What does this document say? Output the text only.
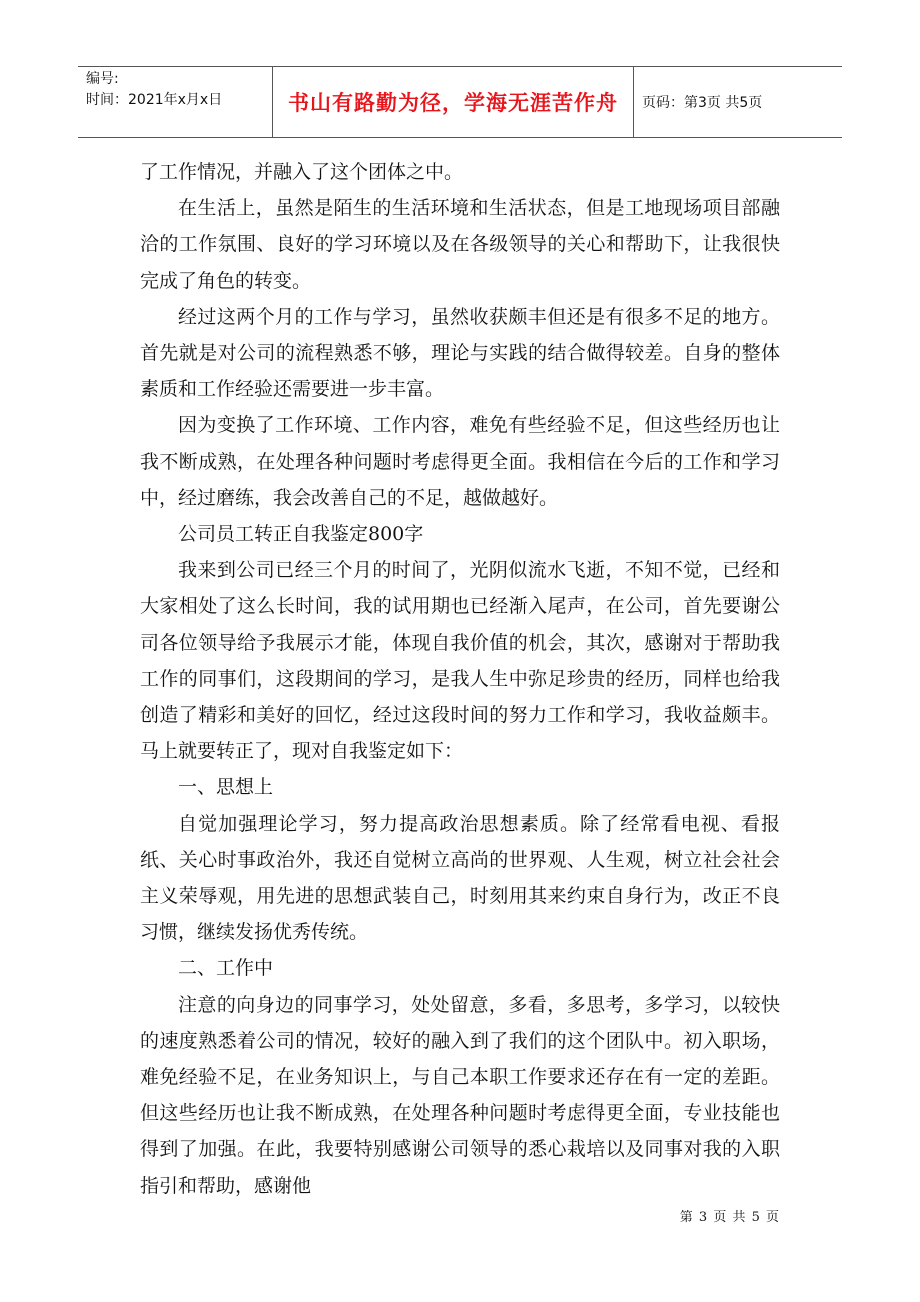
编号:
时间：2021年x月x日	书山有路勤为径，学海无涯苦作舟	页码：第3页 共5页

了工作情况，并融入了这个团体之中。

在生活上，虽然是陌生的生活环境和生活状态，但是工地现场项目部融洽的工作氛围、良好的学习环境以及在各级领导的关心和帮助下，让我很快完成了角色的转变。

经过这两个月的工作与学习，虽然收获颇丰但还是有很多不足的地方。首先就是对公司的流程熟悉不够，理论与实践的结合做得较差。自身的整体素质和工作经验还需要进一步丰富。

因为变换了工作环境、工作内容，难免有些经验不足，但这些经历也让我不断成熟，在处理各种问题时考虑得更全面。我相信在今后的工作和学习中，经过磨练，我会改善自己的不足，越做越好。

公司员工转正自我鉴定800字

我来到公司已经三个月的时间了，光阴似流水飞逝，不知不觉，已经和大家相处了这么长时间，我的试用期也已经渐入尾声，在公司，首先要谢公司各位领导给予我展示才能，体现自我价值的机会，其次，感谢对于帮助我工作的同事们，这段期间的学习，是我人生中弥足珍贵的经历，同样也给我创造了精彩和美好的回忆，经过这段时间的努力工作和学习，我收益颇丰。马上就要转正了，现对自我鉴定如下：

一、思想上

自觉加强理论学习，努力提高政治思想素质。除了经常看电视、看报纸、关心时事政治外，我还自觉树立高尚的世界观、人生观，树立社会社会主义荣辱观，用先进的思想武装自己，时刻用其来约束自身行为，改正不良习惯，继续发扬优秀传统。

二、工作中

注意的向身边的同事学习，处处留意，多看，多思考，多学习，以较快的速度熟悉着公司的情况，较好的融入到了我们的这个团队中。初入职场，难免经验不足，在业务知识上，与自己本职工作要求还存在有一定的差距。但这些经历也让我不断成熟，在处理各种问题时考虑得更全面，专业技能也得到了加强。在此，我要特别感谢公司领导的悉心栽培以及同事对我的入职指引和帮助，感谢他

第 3 页 共 5 页
